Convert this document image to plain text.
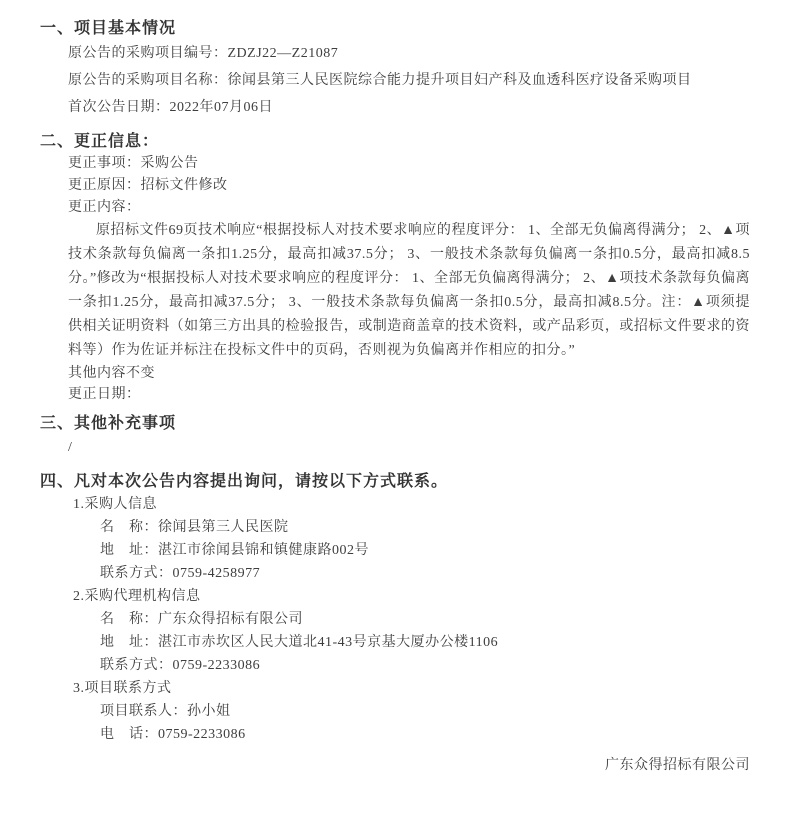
一、项目基本情况
原公告的采购项目编号：ZDZJ22—Z21087
原公告的采购项目名称：徐闻县第三人民医院综合能力提升项目妇产科及血透科医疗设备采购项目
首次公告日期：2022年07月06日
二、更正信息：
更正事项：采购公告
更正原因：招标文件修改
更正内容：
原招标文件69页技术响应“根据投标人对技术要求响应的程度评分： 1、全部无负偏离得满分； 2、▲项技术条款每负偏离一条扣1.25分，最高扣减37.5分； 3、一般技术条款每负偏离一条扣0.5分，最高扣减8.5分。”修改为“根据投标人对技术要求响应的程度评分： 1、全部无负偏离得满分； 2、▲项技术条款每负偏离一条扣1.25分，最高扣减37.5分； 3、一般技术条款每负偏离一条扣0.5分，最高扣减8.5分。注：▲项须提供相关证明资料（如第三方出具的检验报告，或制造商盖章的技术资料，或产品彩页，或招标文件要求的资料等）作为佐证并标注在投标文件中的页码，否则视为负偏离并作相应的扣分。”
其他内容不变
更正日期：
三、其他补充事项
/
四、凡对本次公告内容提出询问，请按以下方式联系。
1.采购人信息
名　称：徐闻县第三人民医院
地　址：湛江市徐闻县锦和镇健康路002号
联系方式：0759-4258977
2.采购代理机构信息
名　称：广东众得招标有限公司
地　址：湛江市赤坎区人民大道北41-43号京基大厦办公楼1106
联系方式：0759-2233086
3.项目联系方式
项目联系人：孙小姐
电　话：0759-2233086
广东众得招标有限公司
